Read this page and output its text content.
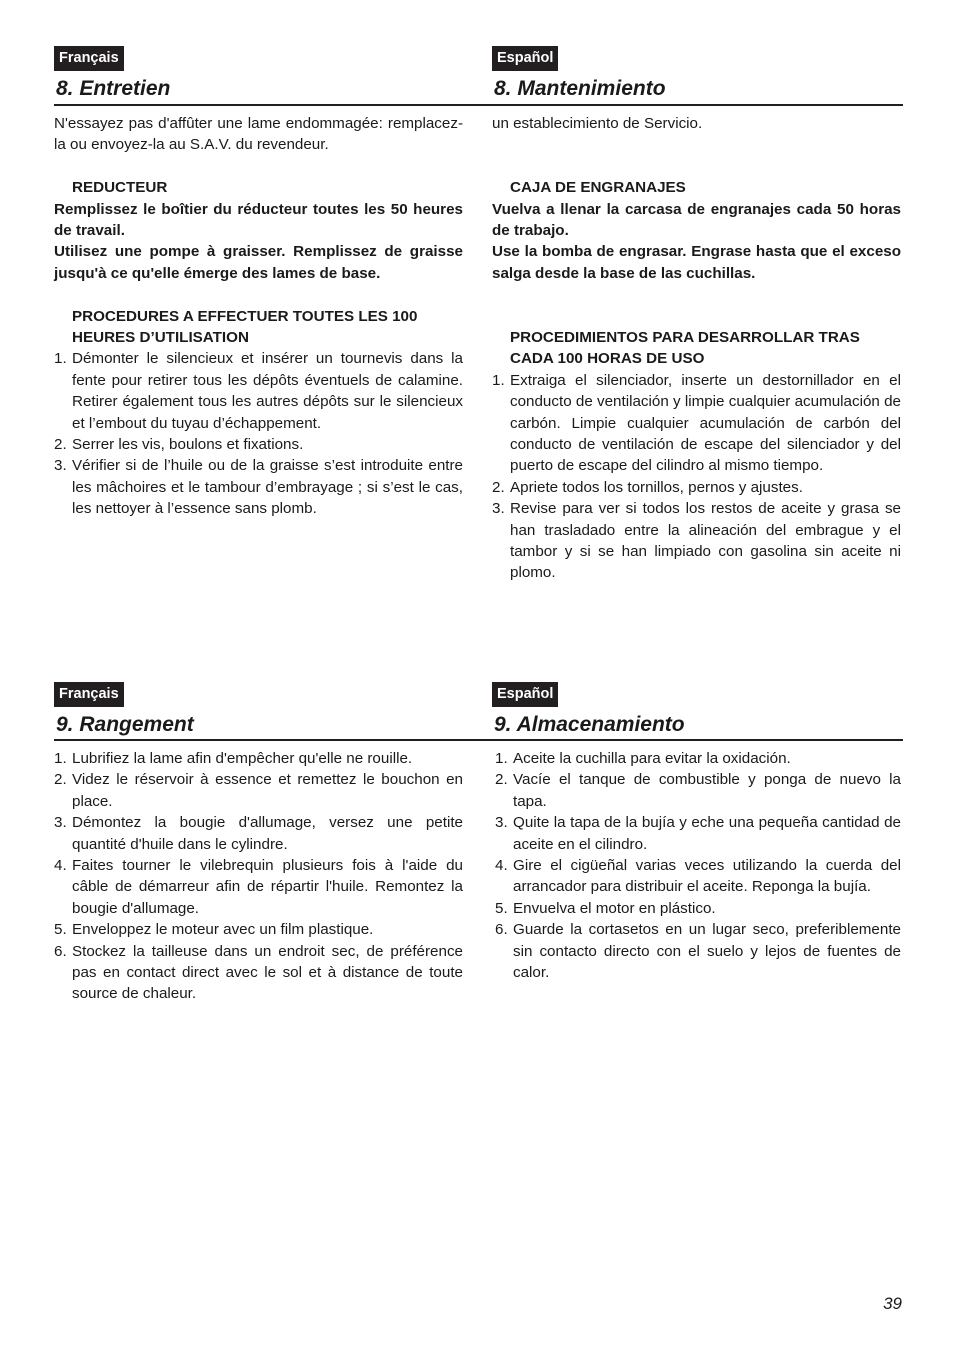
Français
8. Entretien
Español
8. Mantenimiento

N'essayez pas d'affûter une lame endommagée: remplacez-la ou envoyez-la au S.A.V. du revendeur.

REDUCTEUR

Remplissez le boîtier du réducteur toutes les 50 heures de travail.

Utilisez une pompe à graisser. Remplissez de graisse jusqu'à ce qu'elle émerge des lames de base.

PROCEDURES A EFFECTUER TOUTES LES 100 HEURES D’UTILISATION

1. Démonter le silencieux et insérer un tournevis dans la fente pour retirer tous les dépôts éventuels de calamine. Retirer également tous les autres dépôts sur le silencieux et l’embout du tuyau d’échappement.
2. Serrer les vis, boulons et fixations.
3. Vérifier si de l’huile ou de la graisse s’est introduite entre les mâchoires et le tambour d’embrayage ; si s’est le cas, les nettoyer à l’essence sans plomb.

un establecimiento de Servicio.

CAJA DE ENGRANAJES

Vuelva a llenar la carcasa de engranajes cada 50 horas de trabajo.

Use la bomba de engrasar. Engrase hasta que el exceso salga desde la base de las cuchillas.

PROCEDIMIENTOS PARA DESARROLLAR TRAS CADA 100 HORAS DE USO

1. Extraiga el silenciador, inserte un destornillador en el conducto de ventilación y limpie cualquier acumulación de carbón. Limpie cualquier acumulación de carbón del conducto de ventilación de escape del silenciador y del puerto de escape del cilindro al mismo tiempo.
2. Apriete todos los tornillos, pernos y ajustes.
3. Revise para ver si todos los restos de aceite y grasa se han trasladado entre la alineación del embrague y el tambor y si se han limpiado con gasolina sin aceite ni plomo.
Français
9. Rangement
Español
9. Almacenamiento
1. Lubrifiez la lame afin d'empêcher qu'elle ne rouille.
2. Videz le réservoir à essence et remettez le bouchon en place.
3. Démontez la bougie d'allumage, versez une petite quantité d'huile dans le cylindre.
4. Faites tourner le vilebrequin plusieurs fois à l'aide du câble de démarreur afin de répartir l'huile. Remontez la bougie d'allumage.
5. Enveloppez le moteur avec un film plastique.
6. Stockez la tailleuse dans un endroit sec, de préférence pas en contact direct avec le sol et à distance de toute source de chaleur.
1. Aceite la cuchilla para evitar la oxidación.
2. Vacíe el tanque de combustible y ponga de nuevo la tapa.
3. Quite la tapa de la bujía y eche una pequeña cantidad de aceite en el cilindro.
4. Gire el cigüeñal varias veces utilizando la cuerda del arrancador para distribuir el aceite. Reponga la bujía.
5. Envuelva el motor en plástico.
6. Guarde la cortasetos en un lugar seco, preferiblemente sin contacto directo con el suelo y lejos de fuentes de calor.
39
